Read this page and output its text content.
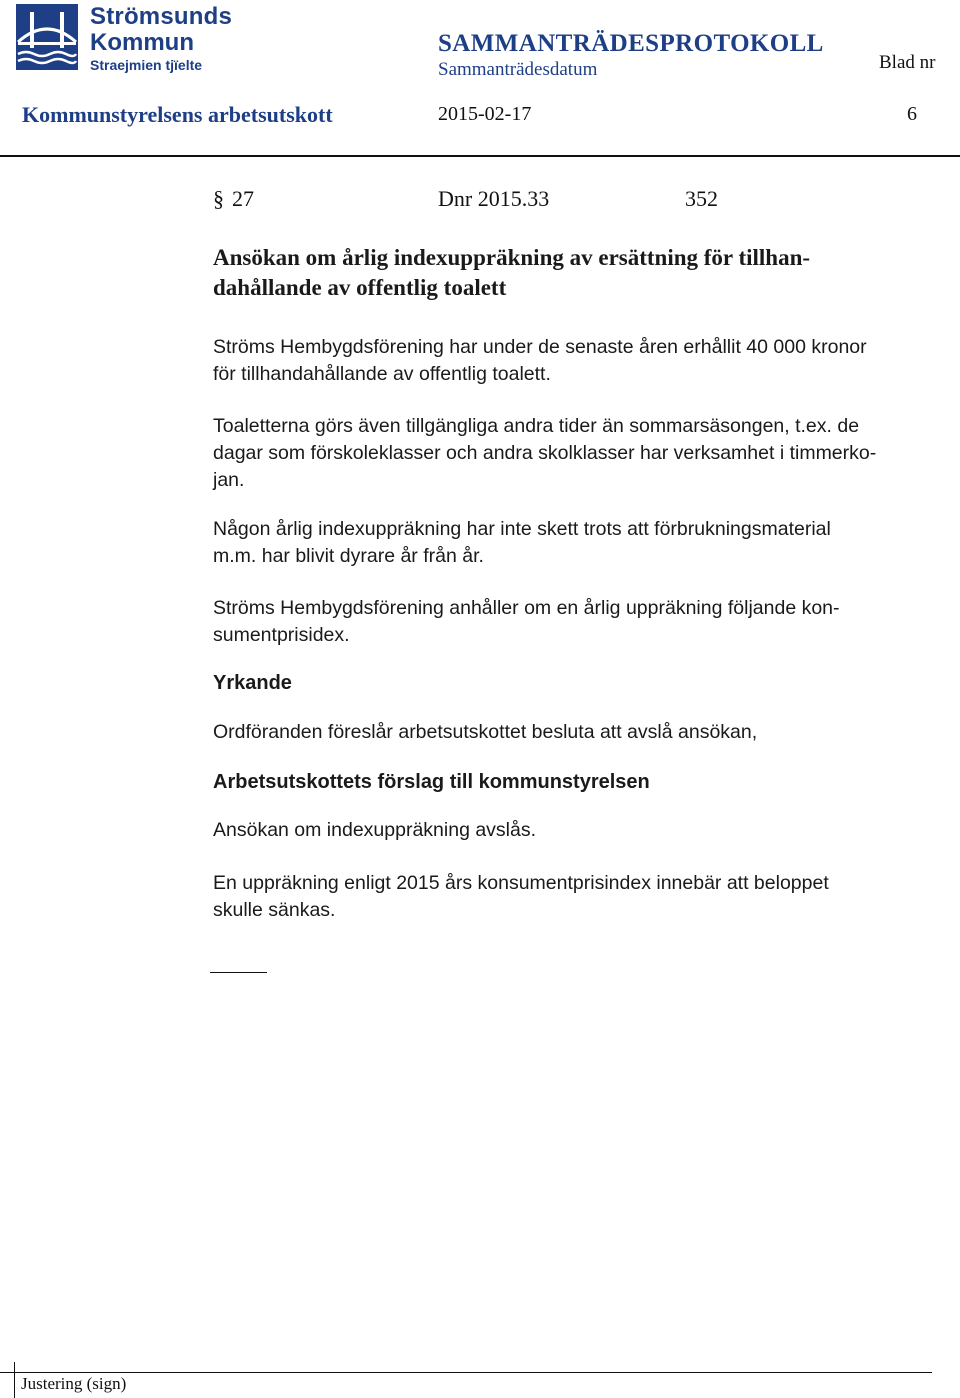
Strömsunds
Kommun
Straejmien tjïelte
SAMMANTRÄDESPROTOKOLL
Sammanträdesdatum	Blad nr
Kommunstyrelsens arbetsutskott	2015-02-17	6
§ 27	Dnr 2015.33	352
Ansökan om årlig indexuppräkning av ersättning för tillhan-
dahållande av offentlig toalett
Ströms Hembygdsförening har under de senaste åren erhållit 40 000 kronor
för tillhandahållande av offentlig toalett.
Toaletterna görs även tillgängliga andra tider än sommarsäsongen, t.ex. de
dagar som förskoleklasser och andra skolklasser har verksamhet i timmerko-
jan.
Någon årlig indexuppräkning har inte skett trots att förbrukningsmaterial
m.m. har blivit dyrare år från år.
Ströms Hembygdsförening anhåller om en årlig uppräkning följande kon-
sumentprisidex.
Yrkande
Ordföranden föreslår arbetsutskottet besluta att avslå ansökan,
Arbetsutskottets förslag till kommunstyrelsen
Ansökan om indexuppräkning avslås.
En uppräkning enligt 2015 års konsumentprisindex innebär att beloppet
skulle sänkas.
Justering (sign)
